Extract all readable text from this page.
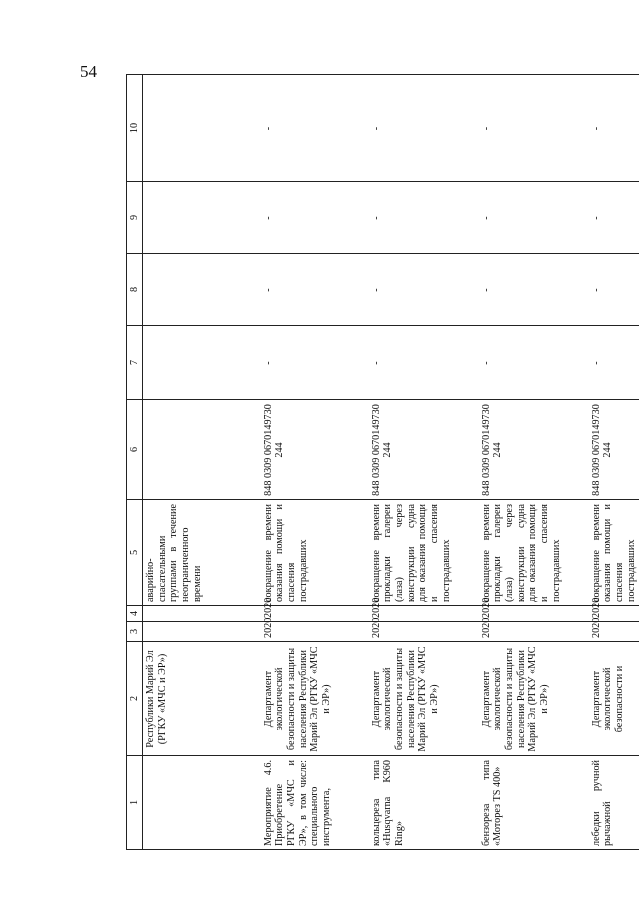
54
1	2	3	4	5	6	7	8	9	10
	Республики Марий Эл (РГКУ «МЧС и ЭР»)			аварийно-спасательными группами в течение неограниченного времени					
Мероприятие 4.6. Приобретение РГКУ «МЧС и ЭР», в том числе: специального инструмента,	Департамент экологической безопасности и защиты населения Республики Марий Эл (РГКУ «МЧС и ЭР»)	2020	2020	сокращение времени оказания помощи и спасения пострадавших	848 0309 0670149730 244	-	-	-	-
кольцереза типа «Husqvarna K960 Ring»	Департамент экологической безопасности и защиты населения Республики Марий Эл (РГКУ «МЧС и ЭР»)	2020	2020	сокращение времени прокладки галереи (лаза) через конструкции судна для оказания помощи и спасения пострадавших	848 0309 0670149730 244	-	-	-	-
бензореза типа «Моторез TS 400»	Департамент экологической безопасности и защиты населения Республики Марий Эл (РГКУ «МЧС и ЭР»)	2020	2020	сокращение времени прокладки галереи (лаза) через конструкции судна для оказания помощи и спасения пострадавших	848 0309 0670149730 244	-	-	-	-
лебедки ручной рычажной	Департамент экологической безопасности и	2020	2020	сокращение времени оказания помощи и спасения пострадавших	848 0309 0670149730 244	-	-	-	-
